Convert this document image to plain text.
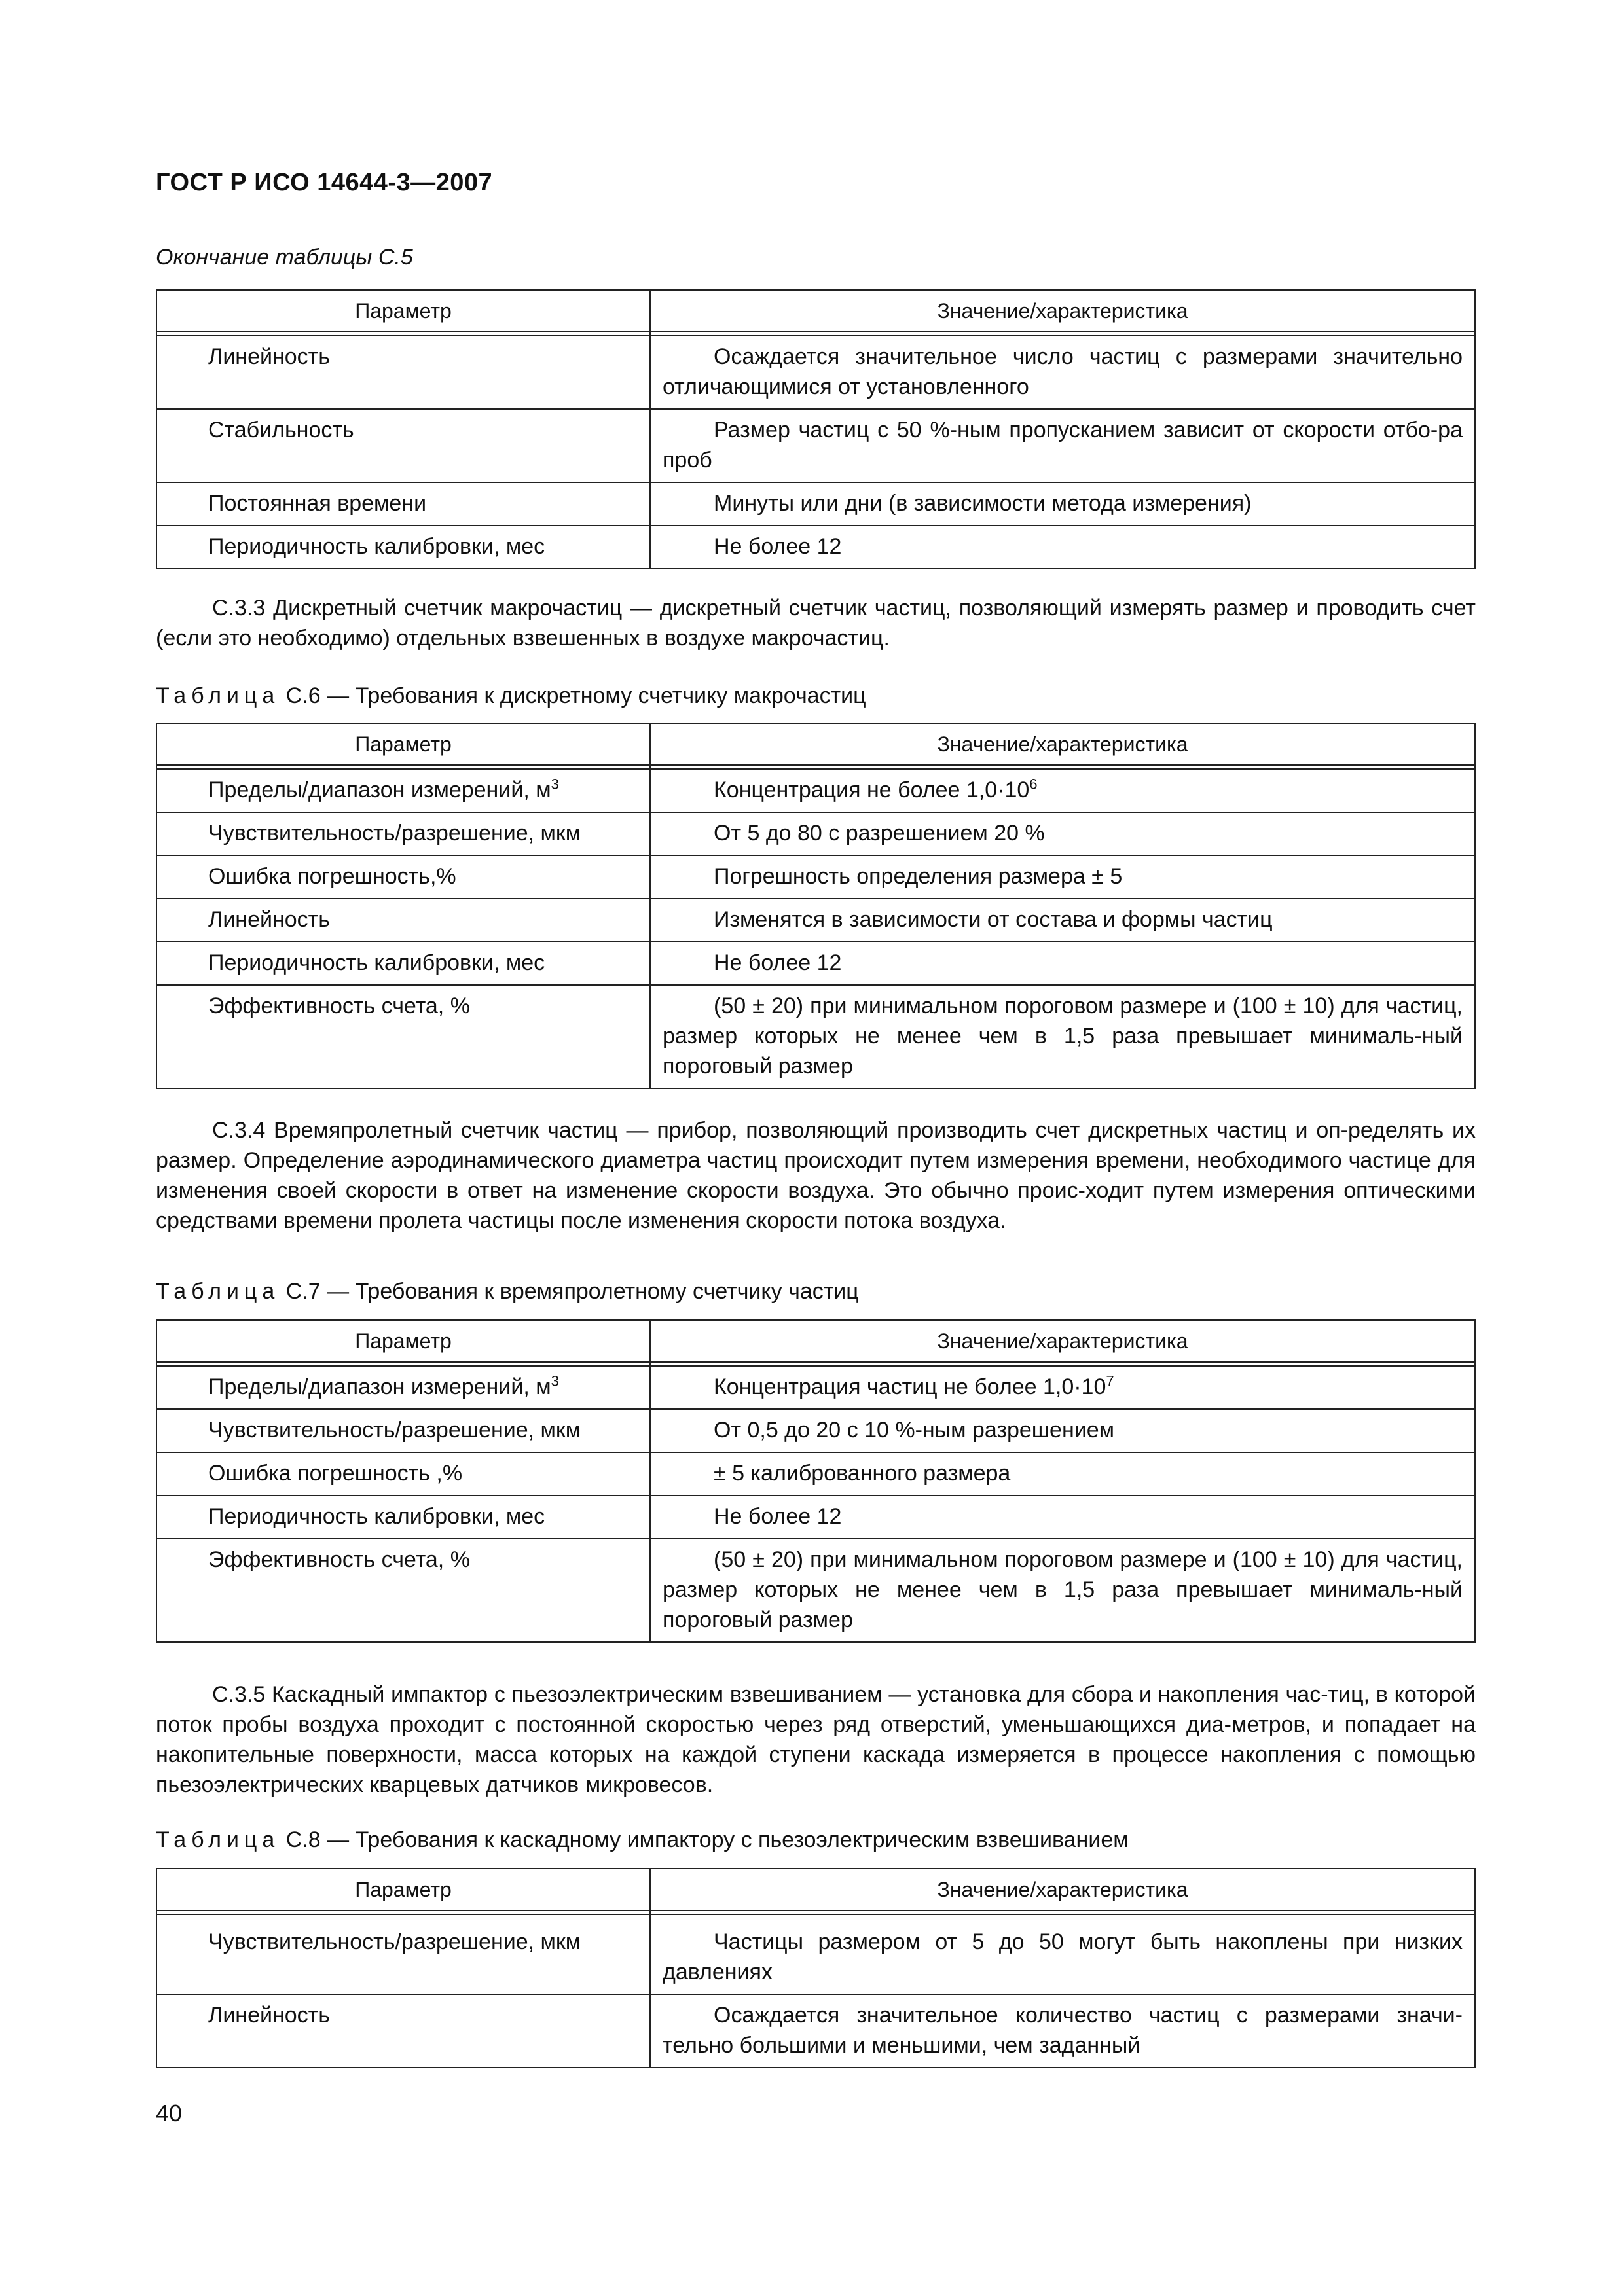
ГОСТ Р ИСО 14644-3—2007
Окончание таблицы С.5
Параметр	Значение/характеристика

Линейность	Осаждается значительное число частиц с размерами значительно отличающимися от установленного
Стабильность	Размер частиц с 50 %-ным пропусканием зависит от скорости отбо-ра проб
Постоянная времени	Минуты или дни (в зависимости метода измерения)
Периодичность калибровки, мес	Не более 12
С.3.3 Дискретный счетчик макрочастиц — дискретный счетчик частиц, позволяющий измерять размер и проводить счет (если это необходимо) отдельных взвешенных в воздухе макрочастиц.
Таблица С.6 — Требования к дискретному счетчику макрочастиц
Параметр	Значение/характеристика

Пределы/диапазон измерений, $м^3$	Концентрация не более $1,0\cdot 10^6$
Чувствительность/разрешение, мкм	От 5 до 80 с разрешением 20 %
Ошибка погрешность,%	Погрешность определения размера ± 5
Линейность	Изменятся в зависимости от состава и формы частиц
Периодичность калибровки, мес	Не более 12
Эффективность счета, %	(50 ± 20) при минимальном пороговом размере и (100 ± 10) для частиц, размер которых не менее чем в 1,5 раза превышает минималь-ный пороговый размер
С.3.4 Времяпролетный счетчик частиц — прибор, позволяющий производить счет дискретных частиц и оп-ределять их размер. Определение аэродинамического диаметра частиц происходит путем измерения времени, необходимого частице для изменения своей скорости в ответ на изменение скорости воздуха. Это обычно проис-ходит путем измерения оптическими средствами времени пролета частицы после изменения скорости потока воздуха.
Таблица С.7 — Требования к времяпролетному счетчику частиц
Параметр	Значение/характеристика

Пределы/диапазон измерений, $м^3$	Концентрация частиц не более $1,0\cdot 10^7$
Чувствительность/разрешение, мкм	От 0,5 до 20 с 10 %-ным разрешением
Ошибка погрешность ,%	± 5 калиброванного размера
Периодичность калибровки, мес	Не более 12
Эффективность счета, %	(50 ± 20) при минимальном пороговом размере и (100 ± 10) для частиц, размер которых не менее чем в 1,5 раза превышает минималь-ный пороговый размер
С.3.5 Каскадный импактор с пьезоэлектрическим взвешиванием — установка для сбора и накопления час-тиц, в которой поток пробы воздуха проходит с постоянной скоростью через ряд отверстий, уменьшающихся диа-метров, и попадает на накопительные поверхности, масса которых на каждой ступени каскада измеряется в процессе накопления с помощью пьезоэлектрических кварцевых датчиков микровесов.
Таблица С.8 — Требования к каскадному импактору с пьезоэлектрическим взвешиванием
Параметр	Значение/характеристика

Чувствительность/разрешение, мкм	Частицы размером от 5 до 50 могут быть накоплены при низких давлениях
Линейность	Осаждается значительное количество частиц с размерами значи-тельно большими и меньшими, чем заданный
40
